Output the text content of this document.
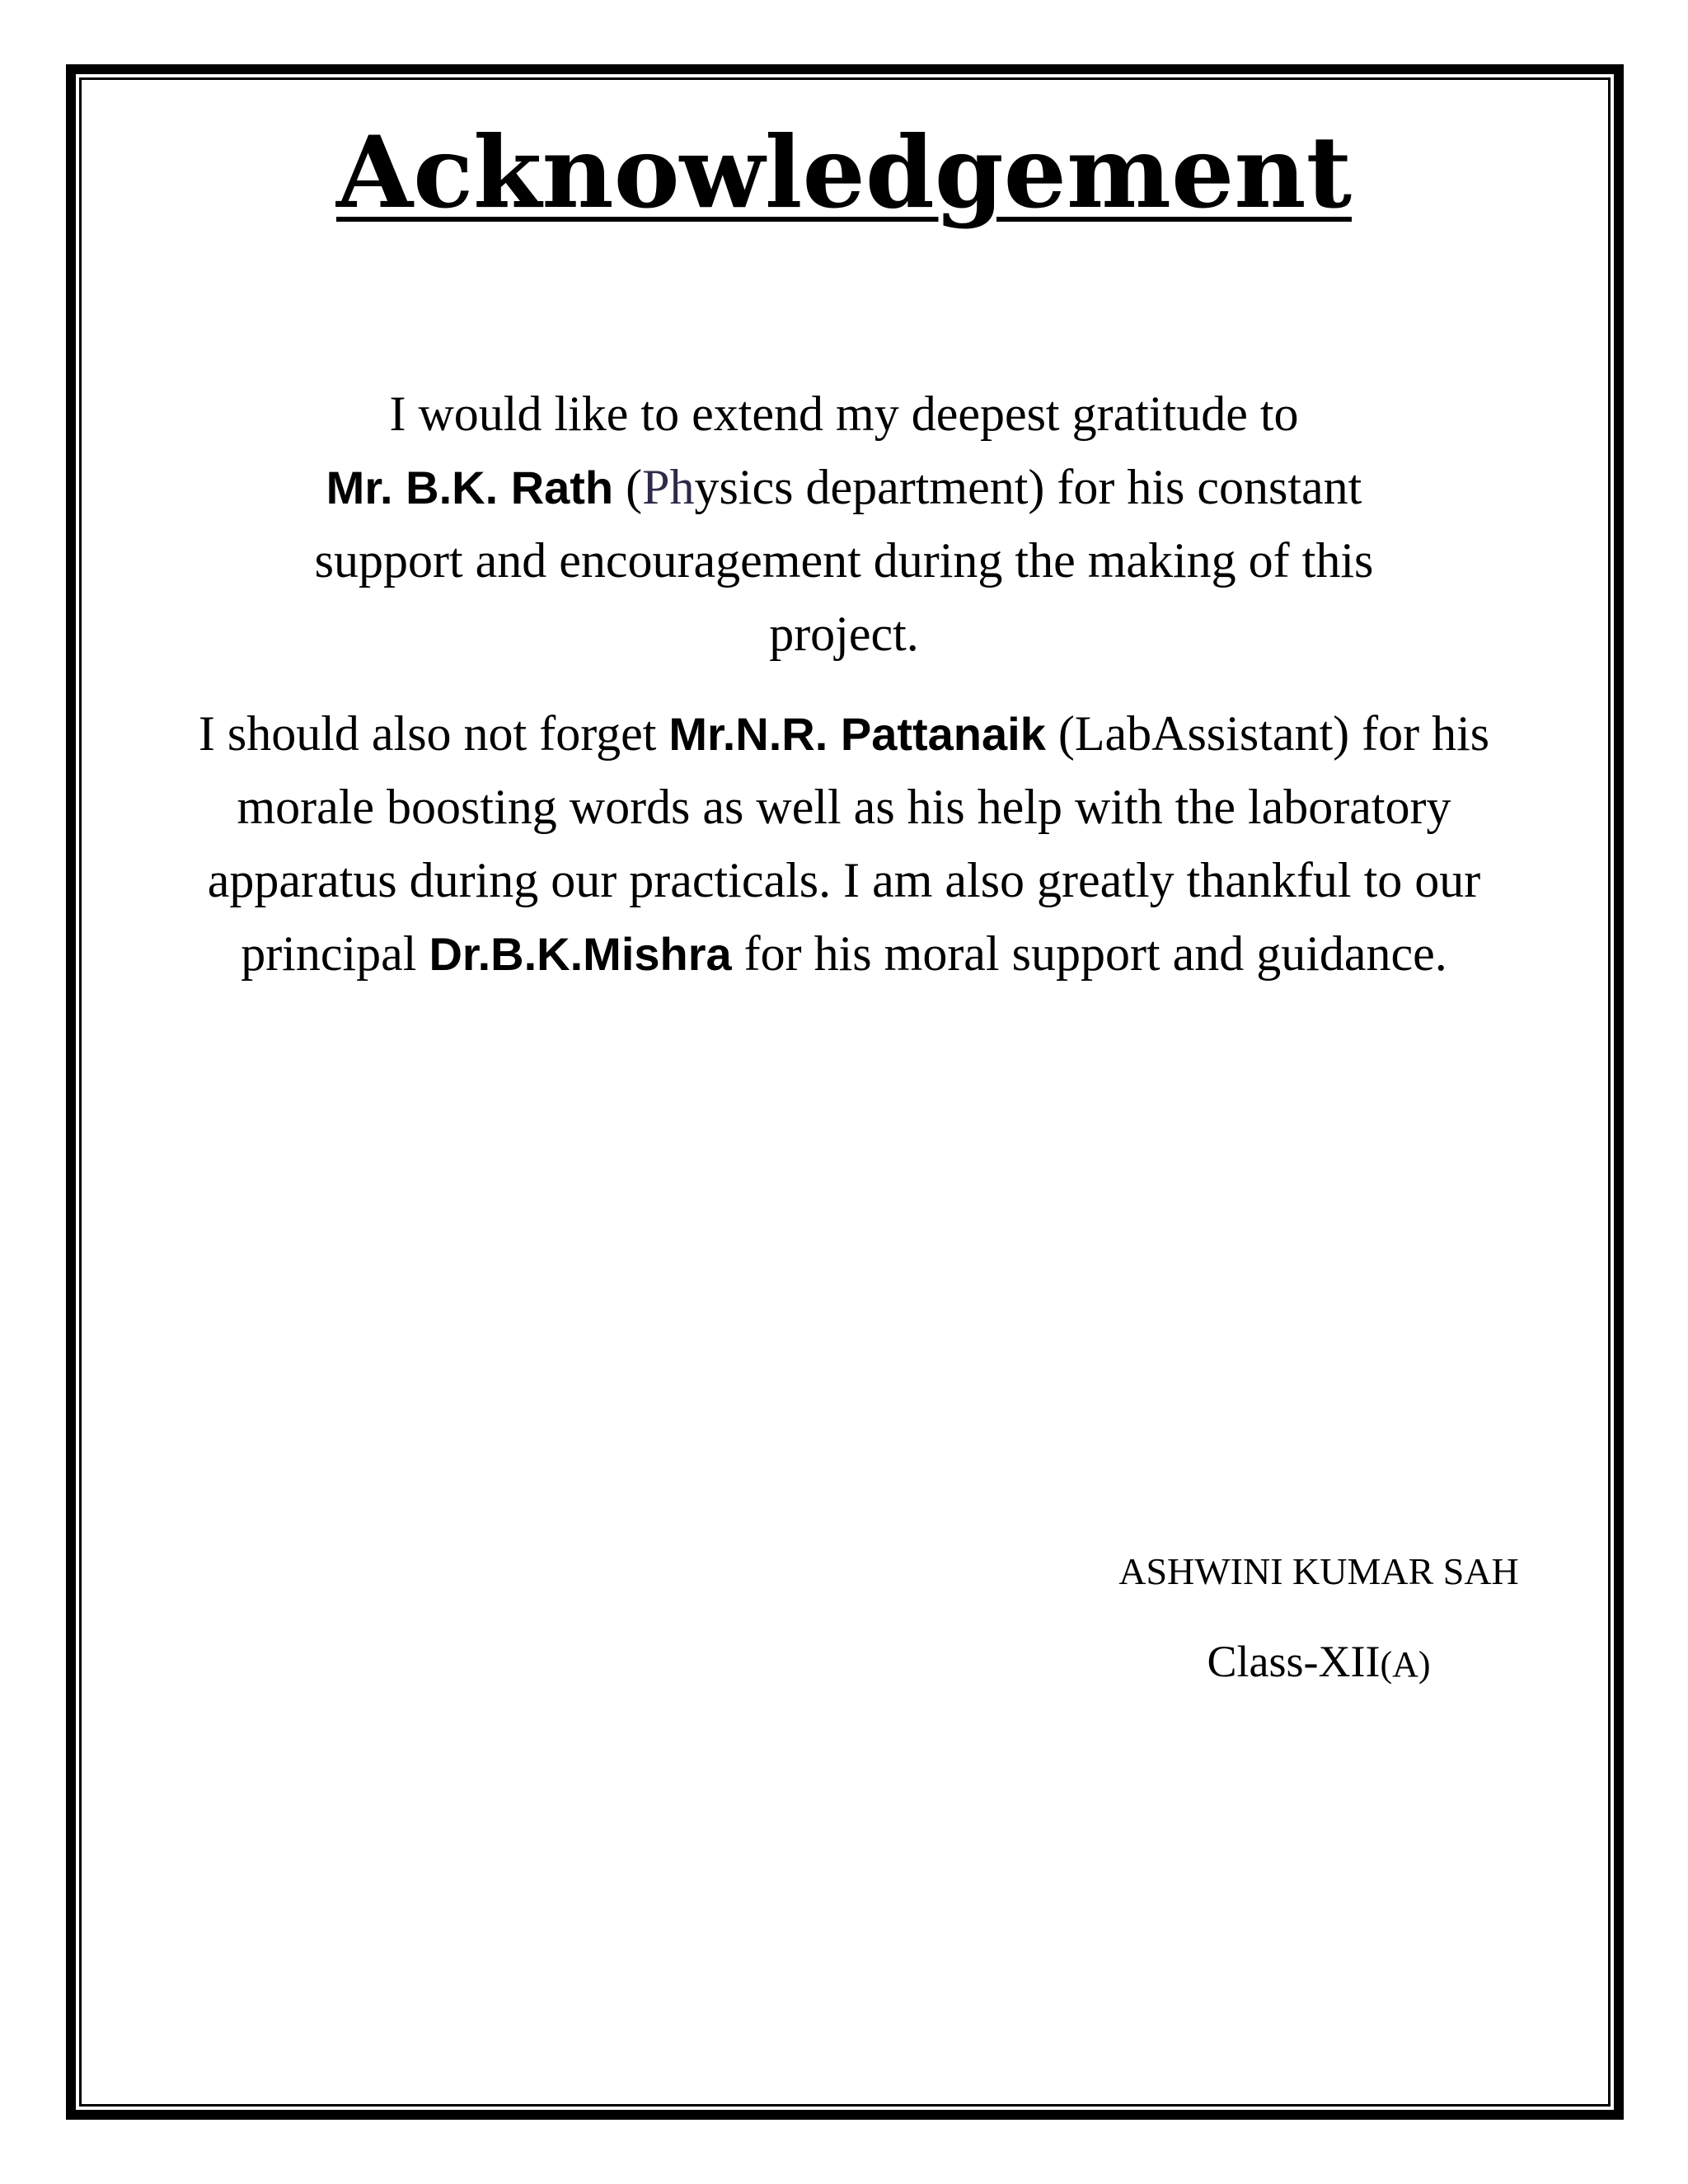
Acknowledgement

I would like to extend my deepest gratitude to
Mr. B.K. Rath (Physics department) for his constant
support and encouragement during the making of this
project.

I should also not forget Mr.N.R. Pattanaik (LabAssistant) for his morale boosting words as well as his help with the laboratory apparatus during our practicals. I am also greatly thankful to our principal Dr.B.K.Mishra for his moral support and guidance.

ASHWINI KUMAR SAH

Class-XII(A)
